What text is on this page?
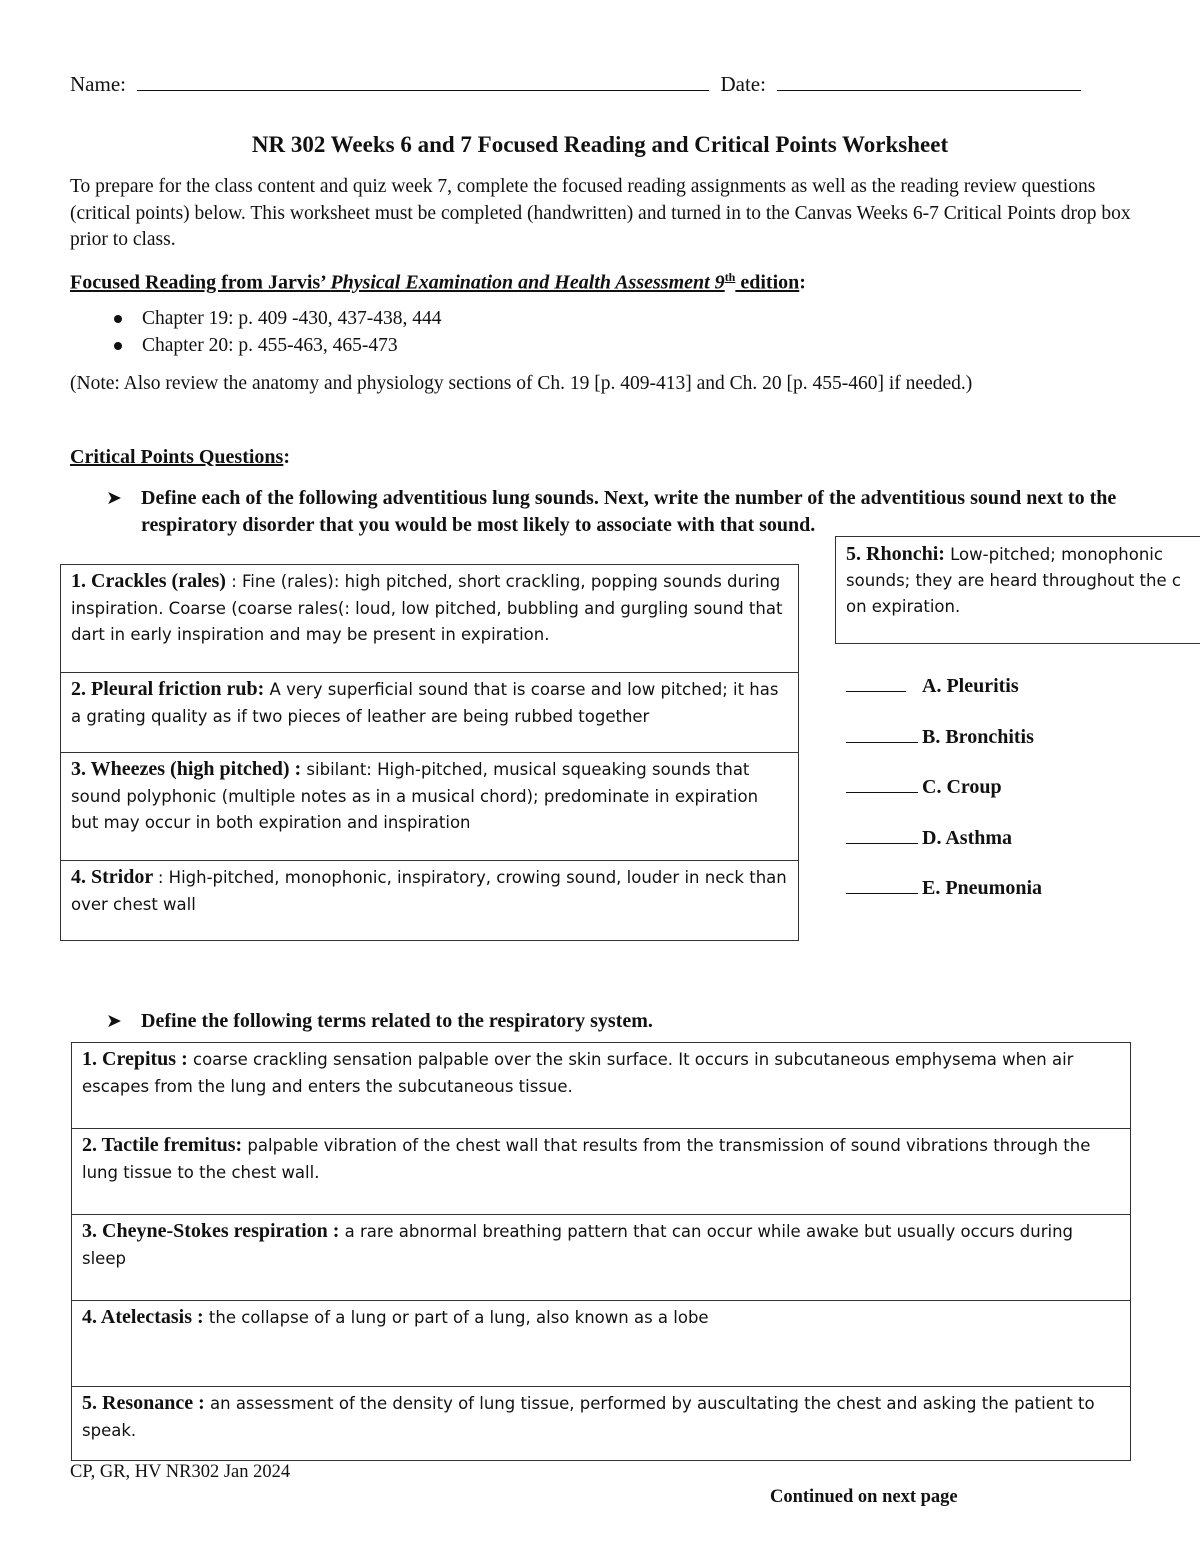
Name:	Date:
NR 302 Weeks 6 and 7 Focused Reading and Critical Points Worksheet
To prepare for the class content and quiz week 7, complete the focused reading assignments as well as the reading review questions (critical points) below. This worksheet must be completed (handwritten) and turned in to the Canvas Weeks 6-7 Critical Points drop box prior to class.
Focused Reading from Jarvis’ Physical Examination and Health Assessment 9th edition:
Chapter 19: p. 409 -430, 437-438, 444
Chapter 20: p. 455-463, 465-473
(Note: Also review the anatomy and physiology sections of Ch. 19 [p. 409-413] and Ch. 20 [p. 455-460] if needed.)
Critical Points Questions:
➤ Define each of the following adventitious lung sounds. Next, write the number of the adventitious sound next to the respiratory disorder that you would be most likely to associate with that sound.
1. Crackles (rales) : Fine (rales): high pitched, short crackling, popping sounds during inspiration. Coarse (coarse rales(: loud, low pitched, bubbling and gurgling sound that dart in early inspiration and may be present in expiration.
2. Pleural friction rub: A very superficial sound that is coarse and low pitched; it has a grating quality as if two pieces of leather are being rubbed together
3. Wheezes (high pitched) : sibilant: High-pitched, musical squeaking sounds that sound polyphonic (multiple notes as in a musical chord); predominate in expiration but may occur in both expiration and inspiration
4. Stridor : High-pitched, monophonic, inspiratory, crowing sound, louder in neck than over chest wall
5. Rhonchi: Low-pitched; monophonic
sounds; they are heard throughout the c
on expiration.
A. Pleuritis
B. Bronchitis
C. Croup
D. Asthma
E. Pneumonia
➤ Define the following terms related to the respiratory system.
1. Crepitus : coarse crackling sensation palpable over the skin surface. It occurs in subcutaneous emphysema when air escapes from the lung and enters the subcutaneous tissue.
2. Tactile fremitus: palpable vibration of the chest wall that results from the transmission of sound vibrations through the lung tissue to the chest wall.
3. Cheyne-Stokes respiration : a rare abnormal breathing pattern that can occur while awake but usually occurs during sleep
4. Atelectasis : the collapse of a lung or part of a lung, also known as a lobe
5. Resonance : an assessment of the density of lung tissue, performed by auscultating the chest and asking the patient to speak.
CP, GR, HV NR302 Jan 2024
Continued on next page
